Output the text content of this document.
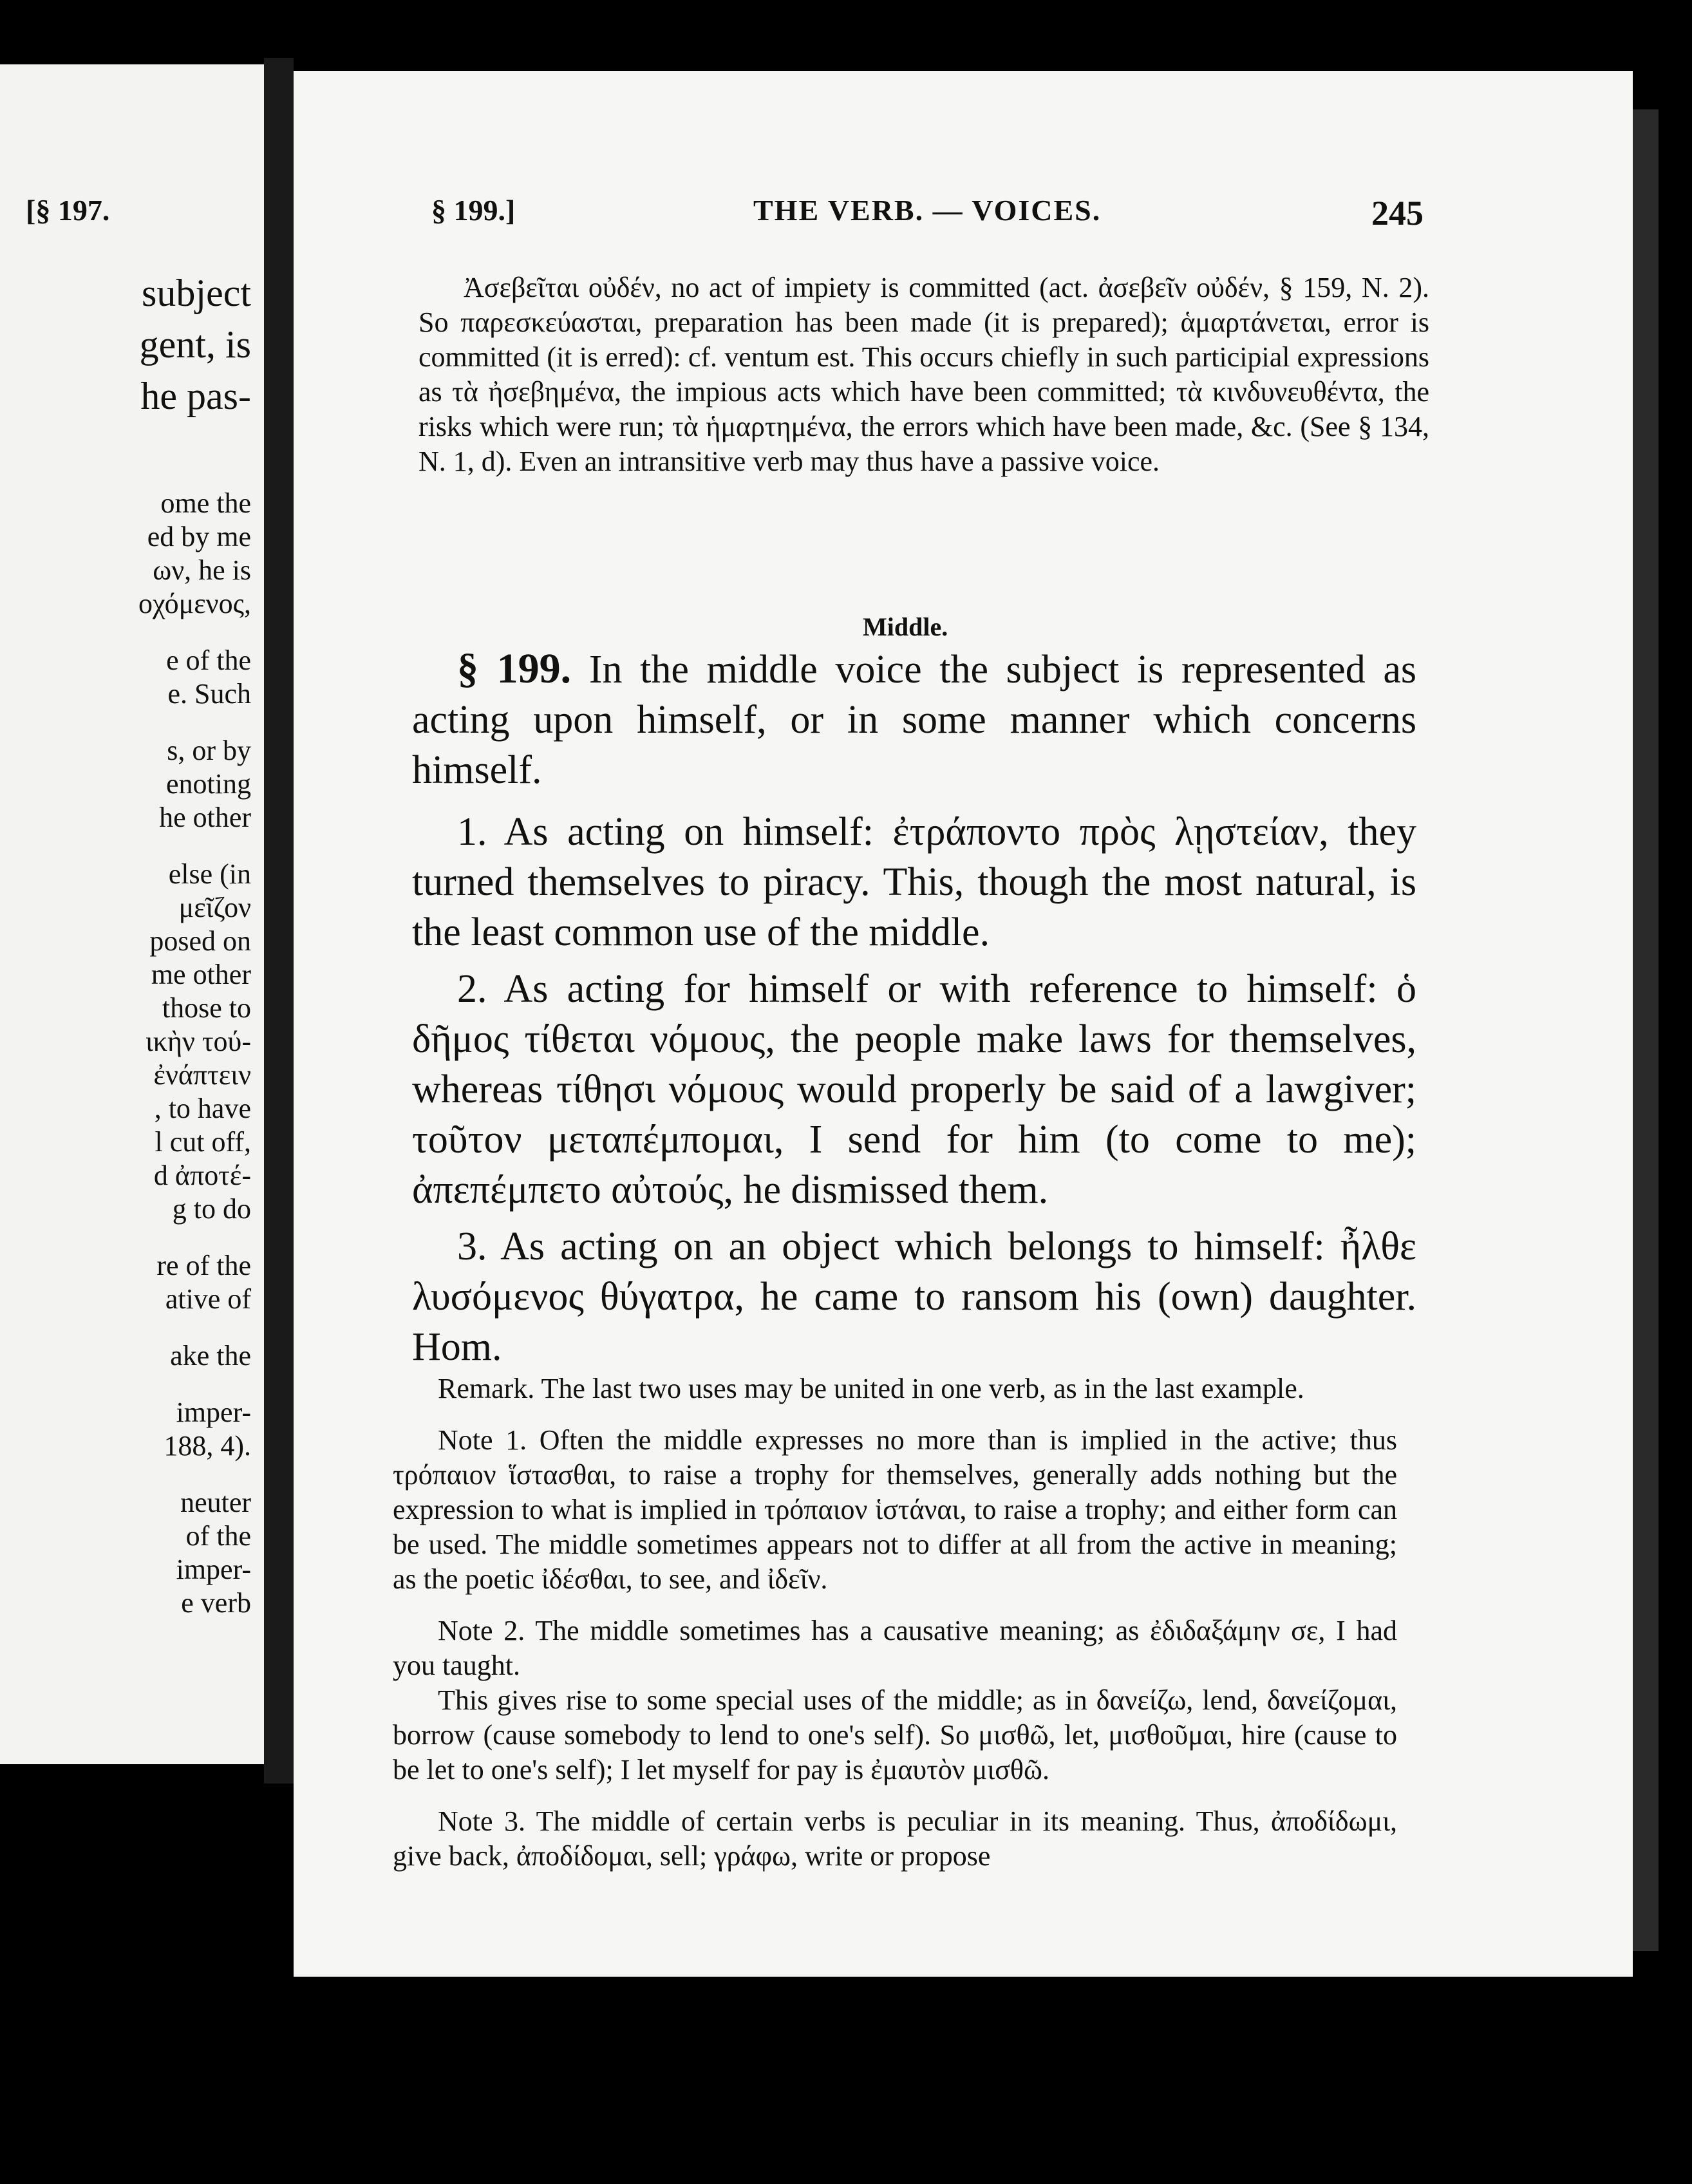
[§ 197.
subject
gent, is
he pas-
ome the
ed by me
ων, he is
οχόμενος,
e of the
e. Such
s, or by
enoting
he other
else (in
μεῖζον
posed on
me other
those to
ικὴν τού-
ἐνάπτειν
, to have
l cut off,
d ἀποτέ-
g to do
re of the
ative of
ake the
imper-
188, 4).
neuter
of the
imper-
e verb
§ 199.]	THE VERB. — VOICES.	245

Ἀσεβεῖται οὐδέν, no act of impiety is committed (act. ἀσεβεῖν οὐδέν, § 159, N. 2). So παρεσκεύασται, preparation has been made (it is prepared); ἁμαρτάνεται, error is committed (it is erred): cf. ventum est. This occurs chiefly in such participial expressions as τὰ ἠσεβημένα, the impious acts which have been committed; τὰ κινδυνευθέντα, the risks which were run; τὰ ἡμαρτημένα, the errors which have been made, &c. (See § 134, N. 1, d). Even an intransitive verb may thus have a passive voice.

Middle.

§ 199. In the middle voice the subject is represented as acting upon himself, or in some manner which concerns himself.

1. As acting on himself: ἐτράποντο πρὸς λῃστείαν, they turned themselves to piracy. This, though the most natural, is the least common use of the middle.

2. As acting for himself or with reference to himself: ὁ δῆμος τίθεται νόμους, the people make laws for themselves, whereas τίθησι νόμους would properly be said of a lawgiver; τοῦτον μεταπέμπομαι, I send for him (to come to me); ἀπεπέμπετο αὐτούς, he dismissed them.

3. As acting on an object which belongs to himself: ἦλθε λυσόμενος θύγατρα, he came to ransom his (own) daughter. Hom.

Remark. The last two uses may be united in one verb, as in the last example.

Note 1. Often the middle expresses no more than is implied in the active; thus τρόπαιον ἵστασθαι, to raise a trophy for themselves, generally adds nothing but the expression to what is implied in τρόπαιον ἱστάναι, to raise a trophy; and either form can be used. The middle sometimes appears not to differ at all from the active in meaning; as the poetic ἰδέσθαι, to see, and ἰδεῖν.

Note 2. The middle sometimes has a causative meaning; as ἐδιδαξάμην σε, I had you taught.

This gives rise to some special uses of the middle; as in δανείζω, lend, δανείζομαι, borrow (cause somebody to lend to one's self). So μισθῶ, let, μισθοῦμαι, hire (cause to be let to one's self); I let myself for pay is ἐμαυτὸν μισθῶ.

Note 3. The middle of certain verbs is peculiar in its meaning. Thus, ἀποδίδωμι, give back, ἀποδίδομαι, sell; γράφω, write or propose
